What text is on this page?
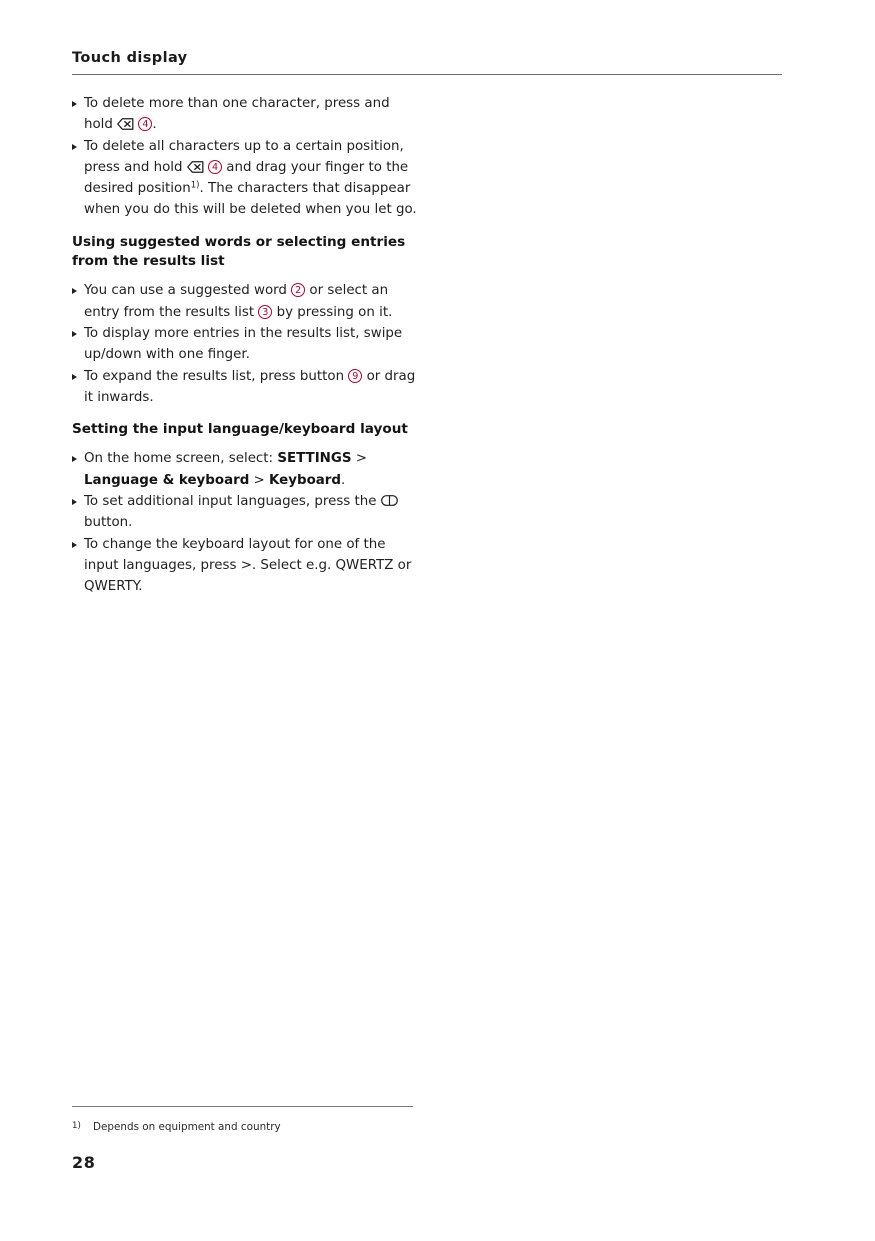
Touch display
To delete more than one character, press and hold	4 .
To delete all characters up to a certain position, press and hold	4 and drag your finger to the desired position$^{1)}$. The characters that disappear when you do this will be deleted when you let go.
Using suggested words or selecting entries from the results list
You can use a suggested word 2 or select an entry from the results list 3 by pressing on it.
To display more entries in the results list, swipe up/down with one finger.
To expand the results list, press button 9 or drag it inwards.
Setting the input language/keyboard layout
On the home screen, select: SETTINGS > Language & keyboard > Keyboard.
To set additional input languages, press the
button.
To change the keyboard layout for one of the input languages, press >. Select e.g. QWERTZ or QWERTY.
1) Depends on equipment and country
28
